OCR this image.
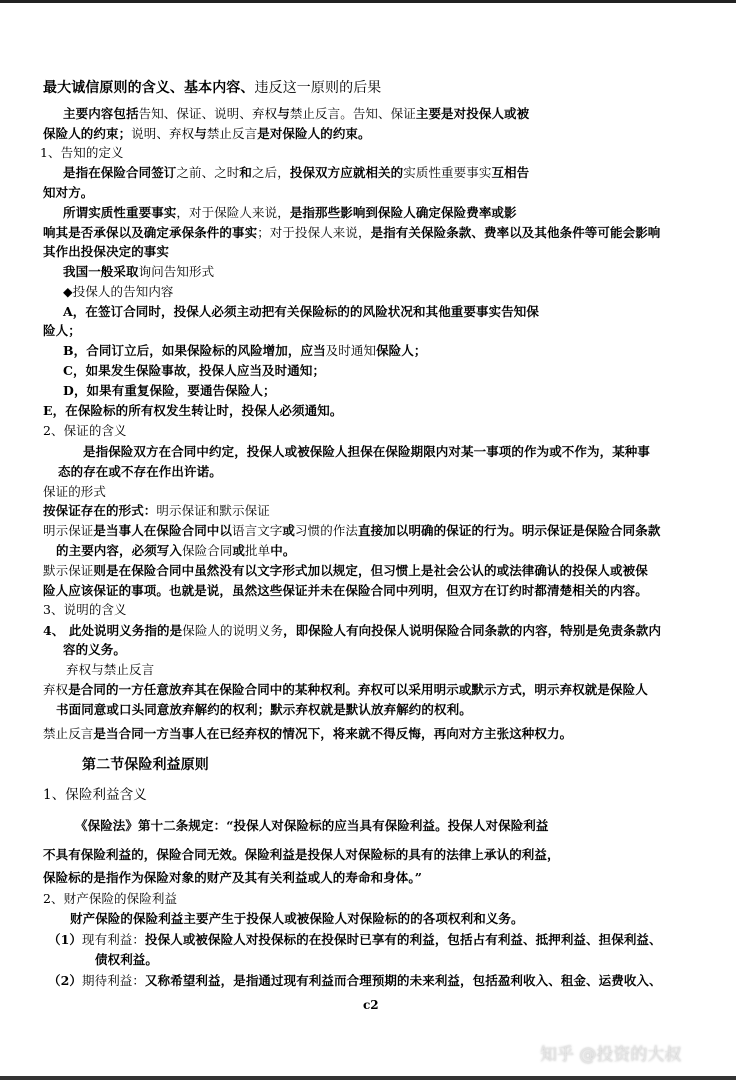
最大诚信原则的含义、基本内容、违反这一原则的后果
主要内容包括告知、保证、说明、弃权与禁止反言。告知、保证主要是对投保人或被
保险人的约束；说明、弃权与禁止反言是对保险人的约束。
1、告知的定义
是指在保险合同签订之前、之时和之后，投保双方应就相关的实质性重要事实互相告
知对方。
所谓实质性重要事实，对于保险人来说，是指那些影响到保险人确定保险费率或影
响其是否承保以及确定承保条件的事实；对于投保人来说，是指有关保险条款、费率以及其他条件等可能会影响
其作出投保决定的事实
我国一般采取询问告知形式
◆投保人的告知内容
A，在签订合同时，投保人必须主动把有关保险标的的风险状况和其他重要事实告知保
险人；
B，合同订立后，如果保险标的风险增加，应当及时通知保险人；
C，如果发生保险事故，投保人应当及时通知；
D，如果有重复保险，要通告保险人；
E，在保险标的所有权发生转让时，投保人必须通知。
2、保证的含义
是指保险双方在合同中约定，投保人或被保险人担保在保险期限内对某一事项的作为或不作为，某种事
态的存在或不存在作出许诺。
保证的形式
按保证存在的形式：明示保证和默示保证
明示保证是当事人在保险合同中以语言文字或习惯的作法直接加以明确的保证的行为。明示保证是保险合同条款
的主要内容，必须写入保险合同或批单中。
默示保证则是在保险合同中虽然没有以文字形式加以规定，但习惯上是社会公认的或法律确认的投保人或被保
险人应该保证的事项。也就是说，虽然这些保证并未在保险合同中列明，但双方在订约时都清楚相关的内容。
3、说明的含义
4、 此处说明义务指的是保险人的说明义务，即保险人有向投保人说明保险合同条款的内容，特别是免责条款内
容的义务。
弃权与禁止反言
弃权是合同的一方任意放弃其在保险合同中的某种权利。弃权可以采用明示或默示方式，明示弃权就是保险人
书面同意或口头同意放弃解约的权利；默示弃权就是默认放弃解约的权利。
禁止反言是当合同一方当事人在已经弃权的情况下，将来就不得反悔，再向对方主张这种权力。
第二节保险利益原则
1、保险利益含义
《保险法》第十二条规定：“投保人对保险标的应当具有保险利益。投保人对保险利益
不具有保险利益的，保险合同无效。保险利益是投保人对保险标的具有的法律上承认的利益，
保险标的是指作为保险对象的财产及其有关利益或人的寿命和身体。”
2、财产保险的保险利益
财产保险的保险利益主要产生于投保人或被保险人对保险标的的各项权利和义务。
（1）现有利益：投保人或被保险人对投保标的在投保时已享有的利益，包括占有利益、抵押利益、担保利益、
债权利益。
（2）期待利益：又称希望利益，是指通过现有利益而合理预期的未来利益，包括盈利收入、租金、运费收入、
c2
知乎 @投资的大叔
